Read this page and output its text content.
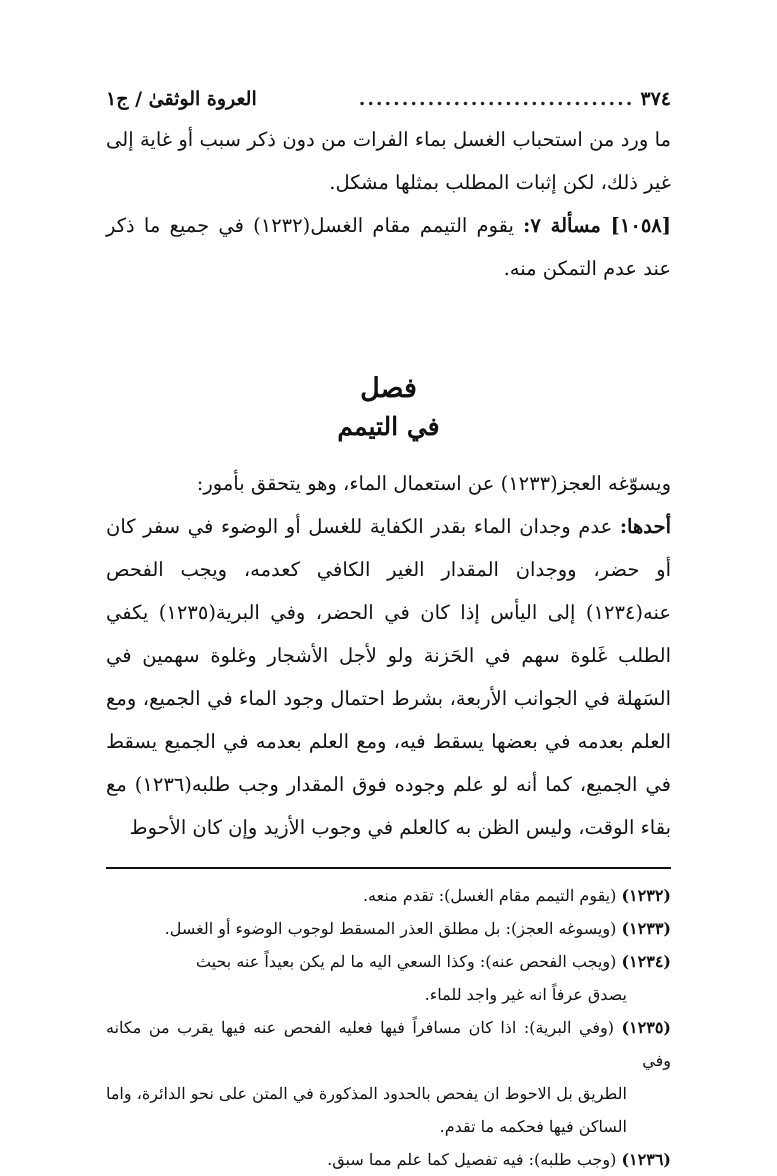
٣٧٤
................................
العروة الوثقىٰ / ج١

ما ورد من استحباب الغسل بماء الفرات من دون ذكر سبب أو غاية إلى غير ذلك، لكن إثبات المطلب بمثلها مشكل.

[١٠٥٨] مسألة ٧: يقوم التيمم مقام الغسل(١٢٣٢) في جميع ما ذكر عند عدم التمكن منه.

فصل

في التيمم

ويسوّغه العجز(١٢٣٣) عن استعمال الماء، وهو يتحقق بأمور:

أحدها: عدم وجدان الماء بقدر الكفاية للغسل أو الوضوء في سفر كان أو حضر، ووجدان المقدار الغير الكافي كعدمه، ويجب الفحص عنه(١٢٣٤) إلى اليأس إذا كان في الحضر، وفي البرية(١٢٣٥) يكفي الطلب غَلوة سهم في الحَزنة ولو لأجل الأشجار وغلوة سهمين في السَهلة في الجوانب الأربعة، بشرط احتمال وجود الماء في الجميع، ومع العلم بعدمه في بعضها يسقط فيه، ومع العلم بعدمه في الجميع يسقط في الجميع، كما أنه لو علم وجوده فوق المقدار وجب طلبه(١٢٣٦) مع بقاء الوقت، وليس الظن به كالعلم في وجوب الأزيد وإن كان الأحوط

(١٢٣٢) (يقوم التيمم مقام الغسل): تقدم منعه.

(١٢٣٣) (ويسوغه العجز): بل مطلق العذر المسقط لوجوب الوضوء أو الغسل.

(١٢٣٤) (ويجب الفحص عنه): وكذا السعي اليه ما لم يكن بعيداً عنه بحيث
يصدق عرفاً انه غير واجد للماء.

(١٢٣٥) (وفي البرية): اذا كان مسافراً فيها فعليه الفحص عنه فيها يقرب من مكانه وفي
الطريق بل الاحوط ان يفحص بالحدود المذكورة في المتن على نحو الدائرة، واما الساكن فيها فحكمه ما تقدم.

(١٢٣٦) (وجب طلبه): فيه تفصيل كما علم مما سبق.
